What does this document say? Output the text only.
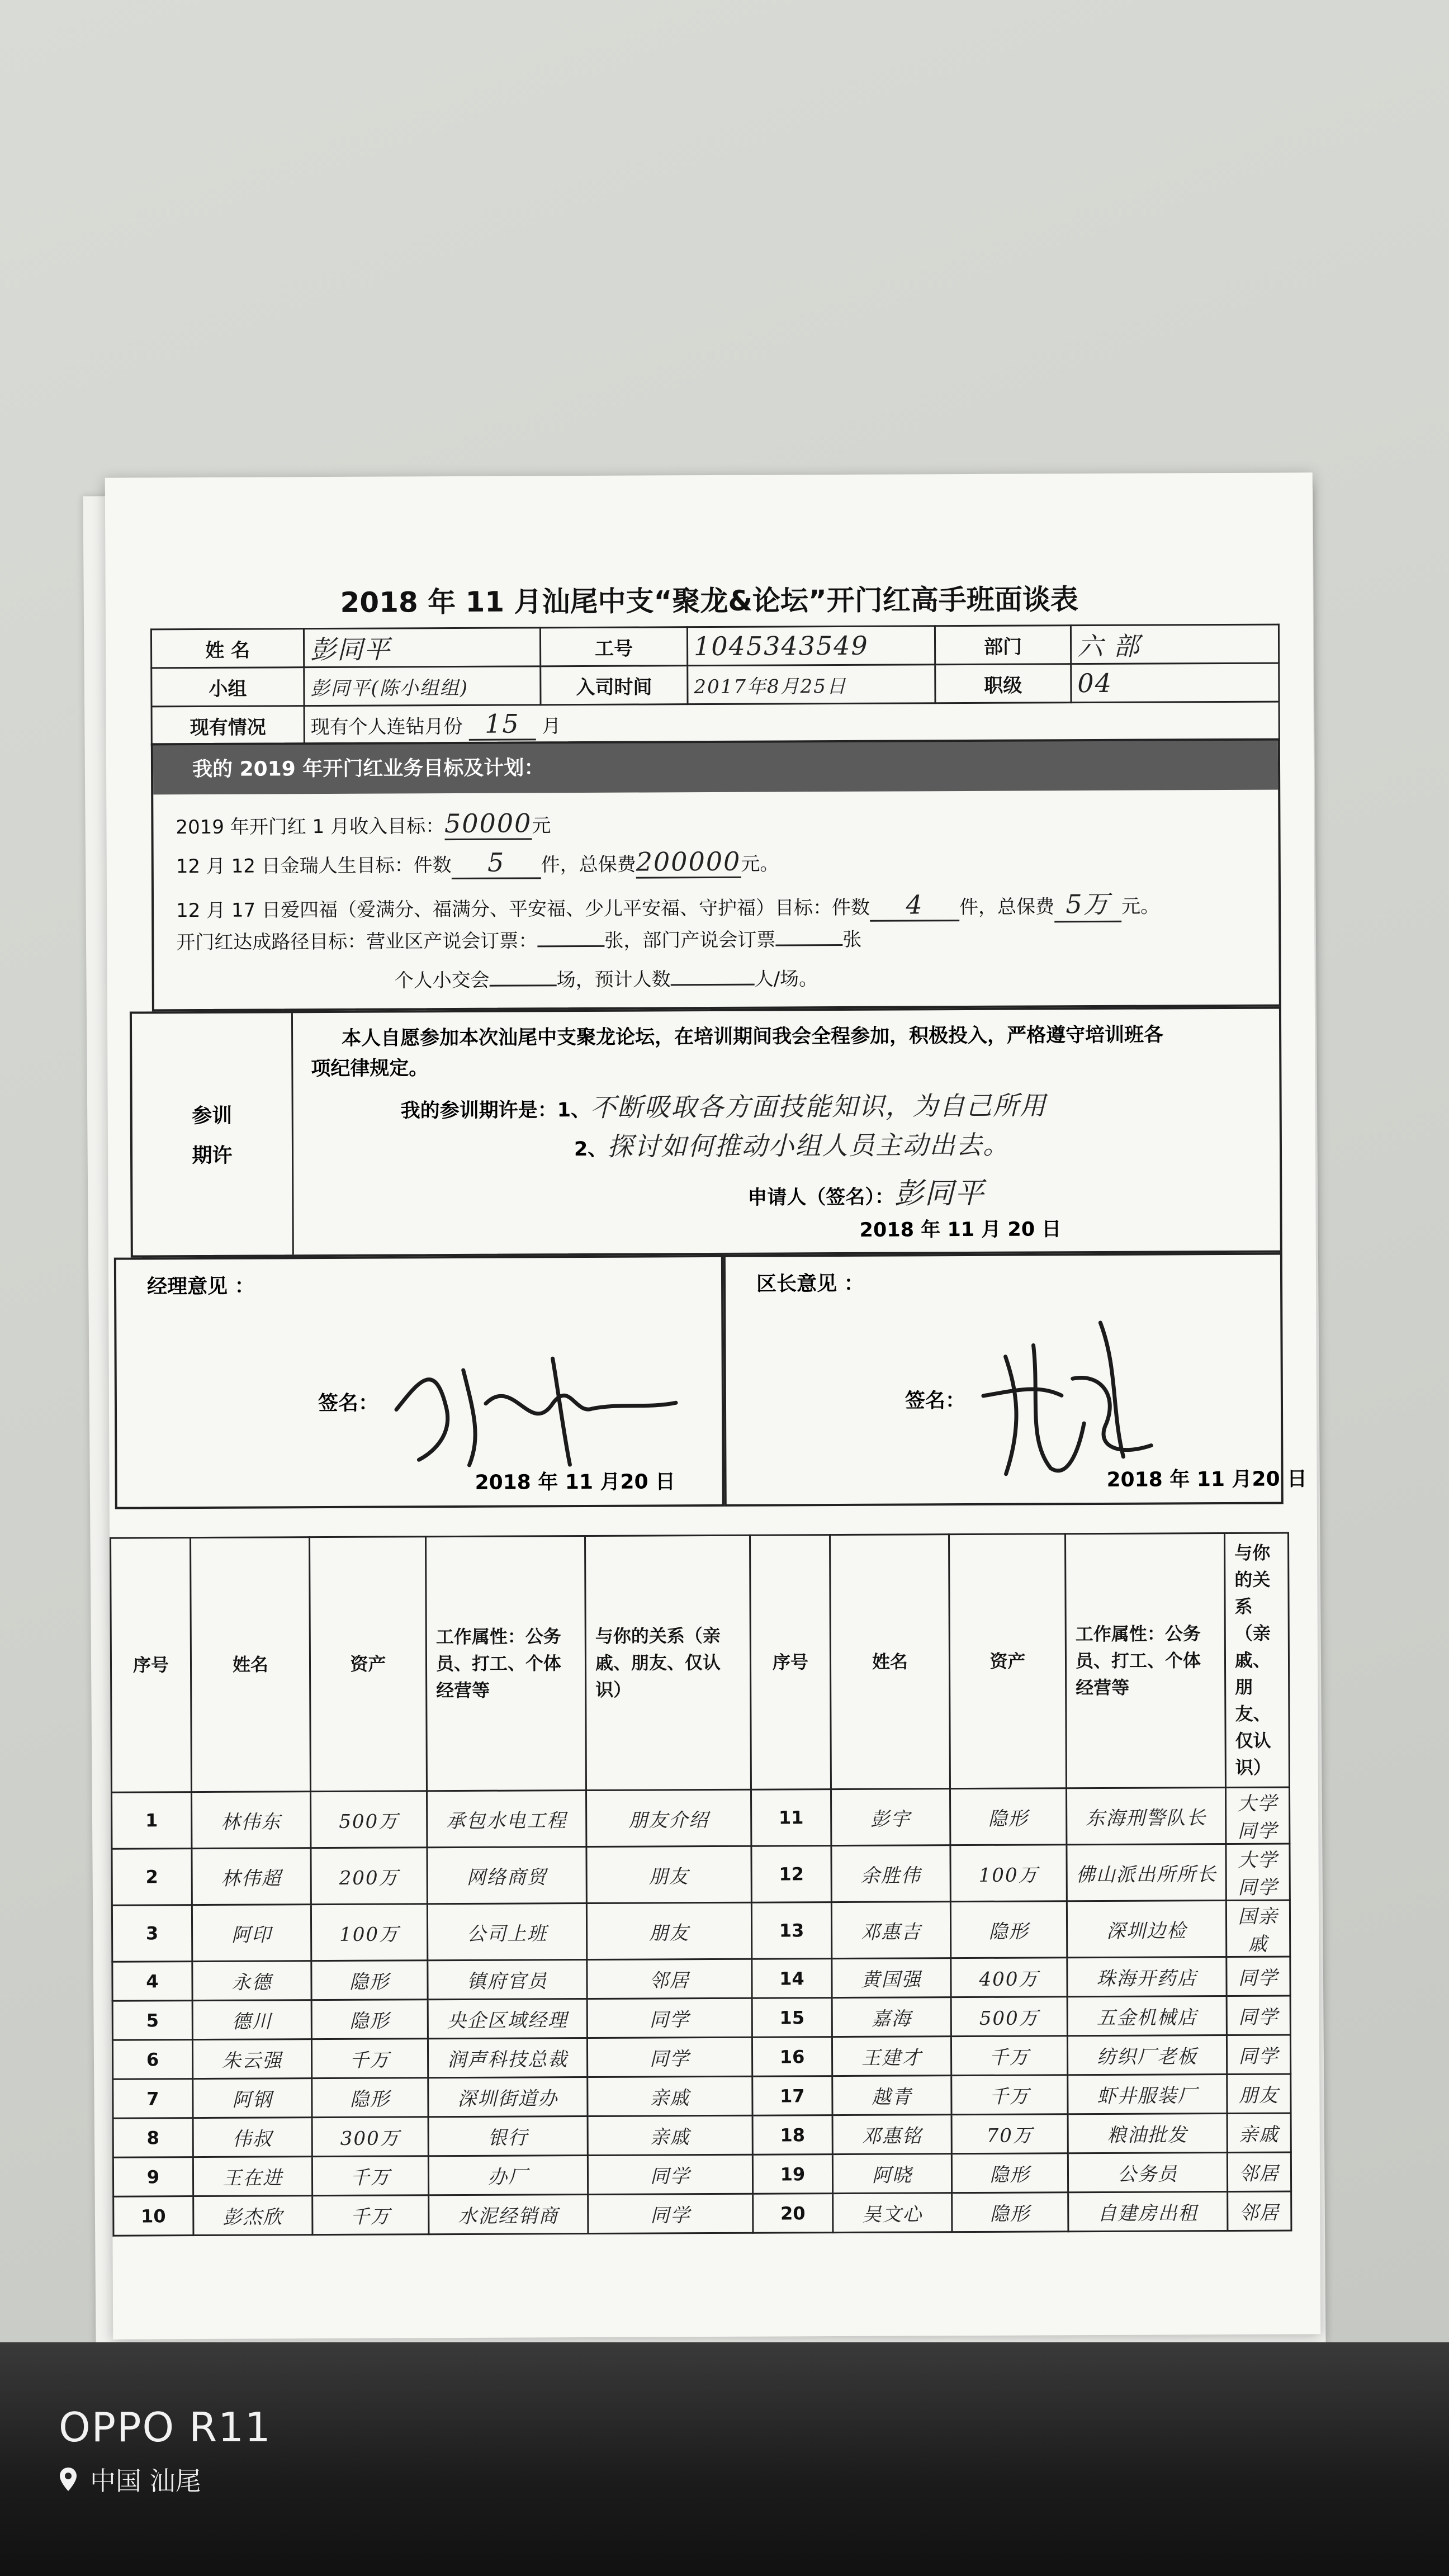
2018 年 11 月汕尾中支“聚龙&论坛”开门红高手班面谈表
姓 名	彭同平	工号	1045343549	部门	六 部
小组	彭同平(陈小组组)	入司时间	2017年8月25日	职级	04
现有情况	现有个人连钻月份 15 月				
我的 2019 年开门红业务目标及计划：
2019 年开门红 1 月收入目标：50000元
12 月 12 日金瑞人生目标：件数 5 件，总保费200000元。
12 月 17 日爱四福（爱满分、福满分、平安福、少儿平安福、守护福）目标：件数 4 件，总保费 5万 元。
开门红达成路径目标：营业区产说会订票：	张，部门产说会订票	张
个人小交会	场，预计人数	人/场。
参训
期许
本人自愿参加本次汕尾中支聚龙论坛，在培训期间我会全程参加，积极投入，严格遵守培训班各
项纪律规定。
我的参训期许是：1、不断吸取各方面技能知识，为自己所用
2、探讨如何推动小组人员主动出去。
申请人（签名）：彭同平
2018 年 11 月 20 日
经理意见 ：
签名：
2018 年 11 月20 日
区长意见 ：
签名：
2018 年 11 月20 日
序号	姓名	资产	工作属性：公务员、打工、个体经营等	与你的关系（亲戚、朋友、仅认识）	序号	姓名	资产	工作属性：公务员、打工、个体经营等	与你的关系（亲戚、朋友、仅认识）
1	林伟东	500万	承包水电工程	朋友介绍	11	彭宇	隐形	东海刑警队长	大学同学
2	林伟超	200万	网络商贸	朋友	12	余胜伟	100万	佛山派出所所长	大学同学
3	阿印	100万	公司上班	朋友	13	邓惠吉	隐形	深圳边检	国亲戚
4	永德	隐形	镇府官员	邻居	14	黄国强	400万	珠海开药店	同学
5	德川	隐形	央企区域经理	同学	15	嘉海	500万	五金机械店	同学
6	朱云强	千万	润声科技总裁	同学	16	王建才	千万	纺织厂老板	同学
7	阿钢	隐形	深圳街道办	亲戚	17	越青	千万	虾井服装厂	朋友
8	伟叔	300万	银行	亲戚	18	邓惠铭	70万	粮油批发	亲戚
9	王在进	千万	办厂	同学	19	阿晓	隐形	公务员	邻居
10	彭杰欣	千万	水泥经销商	同学	20	吴文心	隐形	自建房出租	邻居
OPPO R11
中国 汕尾
